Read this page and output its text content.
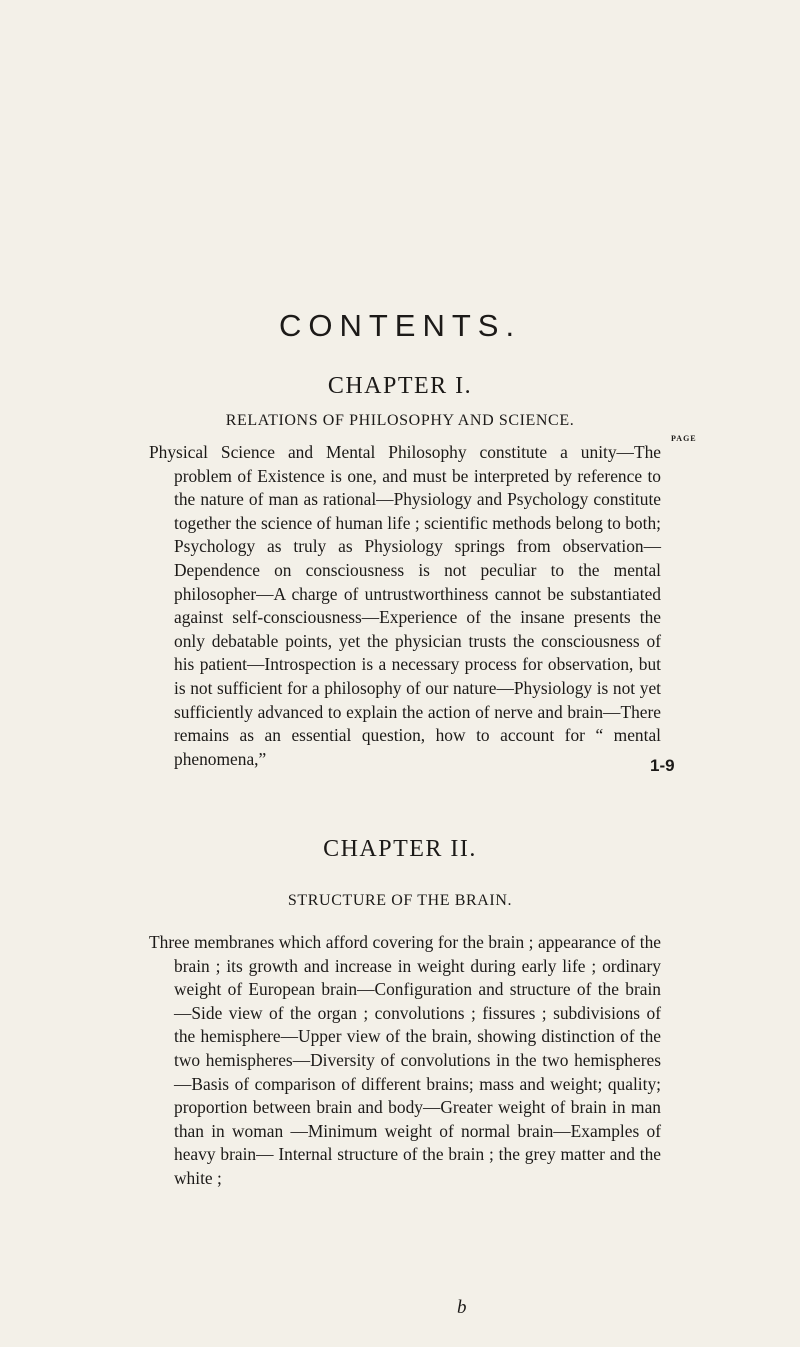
CONTENTS.
CHAPTER I.
RELATIONS OF PHILOSOPHY AND SCIENCE.
PAGE
Physical Science and Mental Philosophy constitute a unity—The problem of Existence is one, and must be interpreted by reference to the nature of man as rational—Physiology and Psychology constitute together the science of human life ; scientific methods belong to both; Psychology as truly as Physiology springs from observation—Dependence on consciousness is not peculiar to the mental philosopher—A charge of untrustworthiness cannot be substantiated against self-consciousness—Experience of the insane presents the only debatable points, yet the physician trusts the consciousness of his patient—Introspection is a necessary process for observation, but is not sufficient for a philosophy of our nature—Physiology is not yet sufficiently advanced to explain the action of nerve and brain—There remains as an essential question, how to account for “ mental phenomena,”	1-9
CHAPTER II.
STRUCTURE OF THE BRAIN.
Three membranes which afford covering for the brain ; appearance of the brain ; its growth and increase in weight during early life ; ordinary weight of European brain—Configuration and structure of the brain—Side view of the organ ; convolutions ; fissures ; subdivisions of the hemisphere—Upper view of the brain, showing distinction of the two hemispheres—Diversity of convolutions in the two hemispheres—Basis of comparison of different brains; mass and weight; quality; proportion between brain and body—Greater weight of brain in man than in woman —Minimum weight of normal brain—Examples of heavy brain— Internal structure of the brain ; the grey matter and the white ;
b
